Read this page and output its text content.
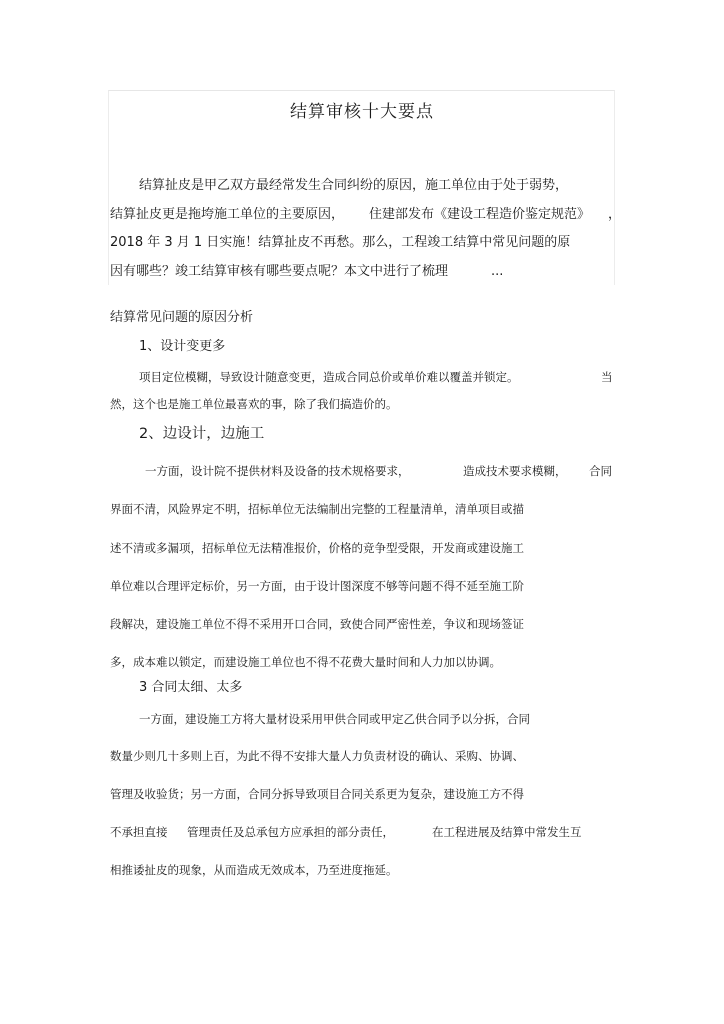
结算审核十大要点
结算扯皮是甲乙双方最经常发生合同纠纷的原因，施工单位由于处于弱势，
结算扯皮更是拖垮施工单位的主要原因， 住建部发布《建设工程造价鉴定规范》 ，
2018 年 3 月 1 日实施！结算扯皮不再愁。那么，工程竣工结算中常见问题的原
因有哪些？竣工结算审核有哪些要点呢？本文中进行了梳理	...
结算常见问题的原因分析
1、设计变更多
项目定位模糊，导致设计随意变更，造成合同总价或单价难以覆盖并锁定。	当
然，这个也是施工单位最喜欢的事，除了我们搞造价的。
2、边设计，边施工
一方面，设计院不提供材料及设备的技术规格要求，	造成技术要求模糊， 合同
界面不清，风险界定不明，招标单位无法编制出完整的工程量清单，清单项目或描
述不清或多漏项，招标单位无法精准报价，价格的竞争型受限，开发商或建设施工
单位难以合理评定标价，另一方面，由于设计图深度不够等问题不得不延至施工阶
段解决，建设施工单位不得不采用开口合同，致使合同严密性差，争议和现场签证
多，成本难以锁定，而建设施工单位也不得不花费大量时间和人力加以协调。
3 合同太细、太多
一方面，建设施工方将大量材设采用甲供合同或甲定乙供合同予以分拆，合同
数量少则几十多则上百，为此不得不安排大量人力负责材设的确认、采购、协调、
管理及收验货；另一方面，合同分拆导致项目合同关系更为复杂，建设施工方不得
不承担直接 管理责任及总承包方应承担的部分责任，	在工程进展及结算中常发生互
相推诿扯皮的现象，从而造成无效成本，乃至进度拖延。
